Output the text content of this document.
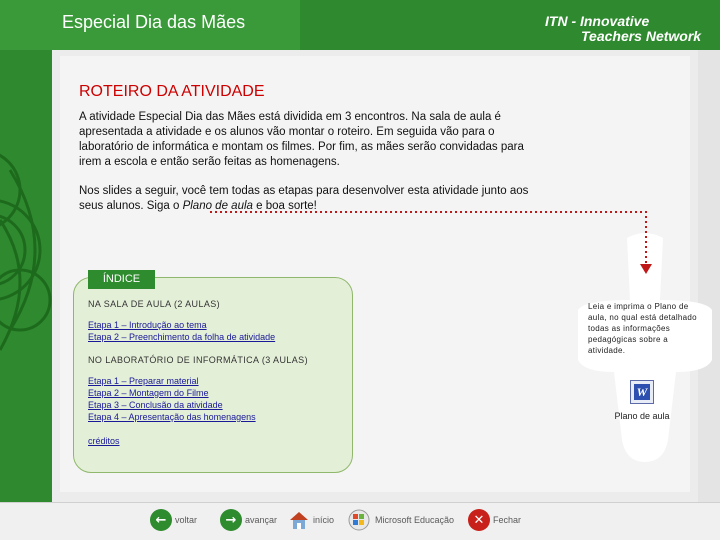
Especial Dia das Mães	ITN - Innovative
Teachers Network
ROTEIRO DA ATIVIDADE
A atividade Especial Dia das Mães está dividida em 3 encontros. Na sala de aula é apresentada a atividade e os alunos vão montar o roteiro. Em seguida vão para o laboratório de informática e montam os filmes. Por fim, as mães serão convidadas para irem a escola e então serão feitas as homenagens.
Nos slides a seguir, você tem todas as etapas para desenvolver esta atividade junto aos seus alunos. Siga o Plano de aula e boa sorte!
Leia e imprima o Plano de aula, no qual está detalhado todas as informações pedagógicas sobre a atividade.
W
Plano de aula
ÍNDICE
NA SALA DE AULA (2 AULAS)
Etapa 1 – Introdução ao tema
Etapa 2 – Preenchimento da folha de atividade
NO LABORATÓRIO DE INFORMÁTICA (3 AULAS)
Etapa 1 – Preparar material
Etapa 2 – Montagem do Filme
Etapa 3 – Conclusão da atividade
Etapa 4 – Apresentação das homenagens
créditos
← voltar	→ avançar	início	Microsoft Educação	✕ Fechar
